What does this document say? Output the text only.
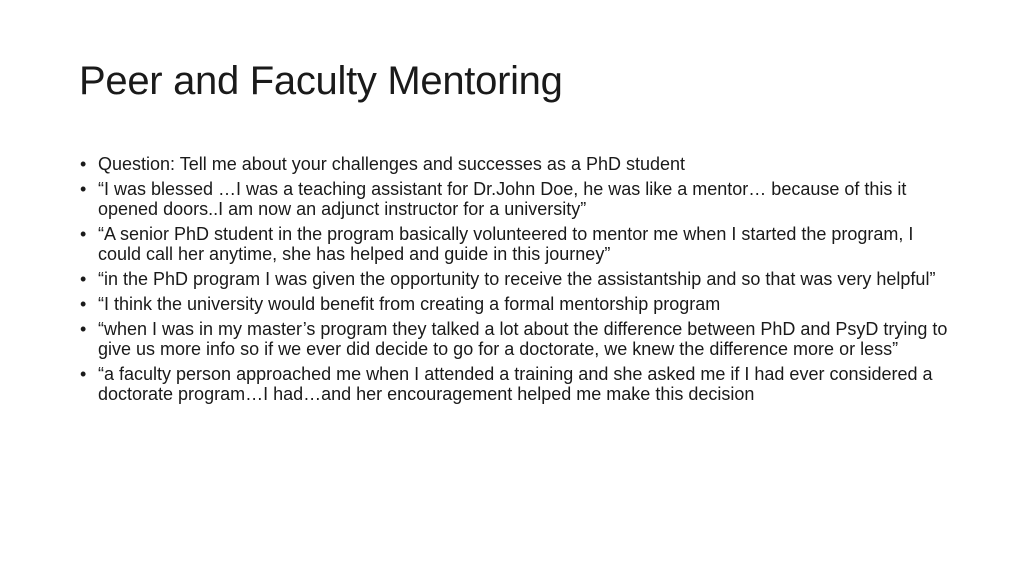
Peer and Faculty Mentoring
• Question: Tell me about your challenges and successes as a PhD student
• “I was blessed …I was a teaching assistant for Dr.John Doe, he was like a mentor… because of this it opened doors..I am now an adjunct instructor for a university”
• “A senior PhD student in the program basically volunteered to mentor me when I started the program, I could call her anytime, she has helped and guide in this journey”
• “in the PhD program I was given the opportunity to receive the assistantship and so that was very helpful”
• “I think the university would benefit from creating a formal mentorship program
• “when I was in my master’s program they talked a lot about the difference between PhD and PsyD trying to give us more info so if we ever did decide to go for a doctorate, we knew the difference more or less”
• “a faculty person approached me when I attended a training and she asked me if I had ever considered a doctorate program…I had…and her encouragement helped me make this decision
